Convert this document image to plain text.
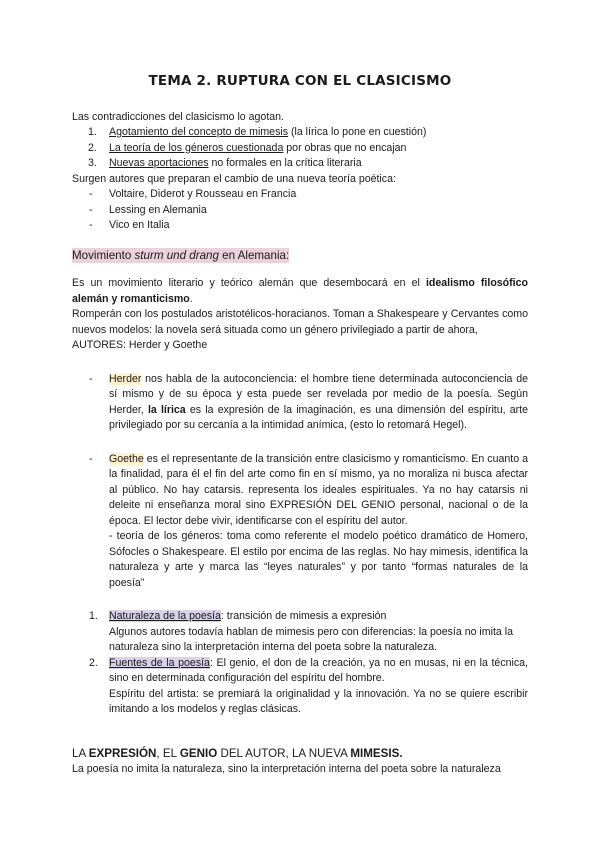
TEMA 2. RUPTURA CON EL CLASICISMO

Las contradicciones del clasicismo lo agotan.

1. Agotamiento del concepto de mimesis (la lírica lo pone en cuestión)
2. La teoría de los géneros cuestionada por obras que no encajan
3. Nuevas aportaciones no formales en la crítica literaria

Surgen autores que preparan el cambio de una nueva teoría poética:

- Voltaire, Diderot y Rousseau en Francia
- Lessing en Alemania
- Vico en Italia
Movimiento sturm und drang en Alemania:

Es un movimiento literario y teórico alemán que desembocará en el idealismo filosófico alemán y romanticismo.

Romperán con los postulados aristotélicos-horacianos. Toman a Shakespeare y Cervantes como nuevos modelos: la novela será situada como un género privilegiado a partir de ahora,

AUTORES: Herder y Goethe

- Herder nos habla de la autoconciencia: el hombre tiene determinada autoconciencia de sí mismo y de su época y esta puede ser revelada por medio de la poesía. Según Herder, la lírica es la expresión de la imaginación, es una dimensión del espíritu, arte privilegiado por su cercanía a la intimidad anímica, (esto lo retomará Hegel).
- Goethe es el representante de la transición entre clasicismo y romanticismo. En cuanto a la finalidad, para él el fin del arte como fin en sí mismo, ya no moraliza ni busca afectar al público. No hay catarsis. representa los ideales espirituales. Ya no hay catarsis ni deleite ni enseñanza moral sino EXPRESIÓN DEL GENIO personal, nacional o de la época. El lector debe vivir, identificarse con el espíritu del autor.
- teoría de los géneros: toma como referente el modelo poético dramático de Homero, Sófocles o Shakespeare. El estilo por encima de las reglas. No hay mimesis, identifica la naturaleza y arte y marca las “leyes naturales” y por tanto “formas naturales de la poesía”
1. Naturaleza de la poesía: transición de mimesis a expresión
Algunos autores todavía hablan de mimesis pero con diferencias: la poesía no imita la naturaleza sino la interpretación interna del poeta sobre la naturaleza.
2. Fuentes de la poesía: El genio, el don de la creación, ya no en musas, ni en la técnica, sino en determinada configuración del espíritu del hombre.
Espíritu del artista: se premiará la originalidad y la innovación. Ya no se quiere escribir imitando a los modelos y reglas clásicas.

LA EXPRESIÓN, EL GENIO DEL AUTOR, LA NUEVA MIMESIS.

La poesía no imita la naturaleza, sino la interpretación interna del poeta sobre la naturaleza
